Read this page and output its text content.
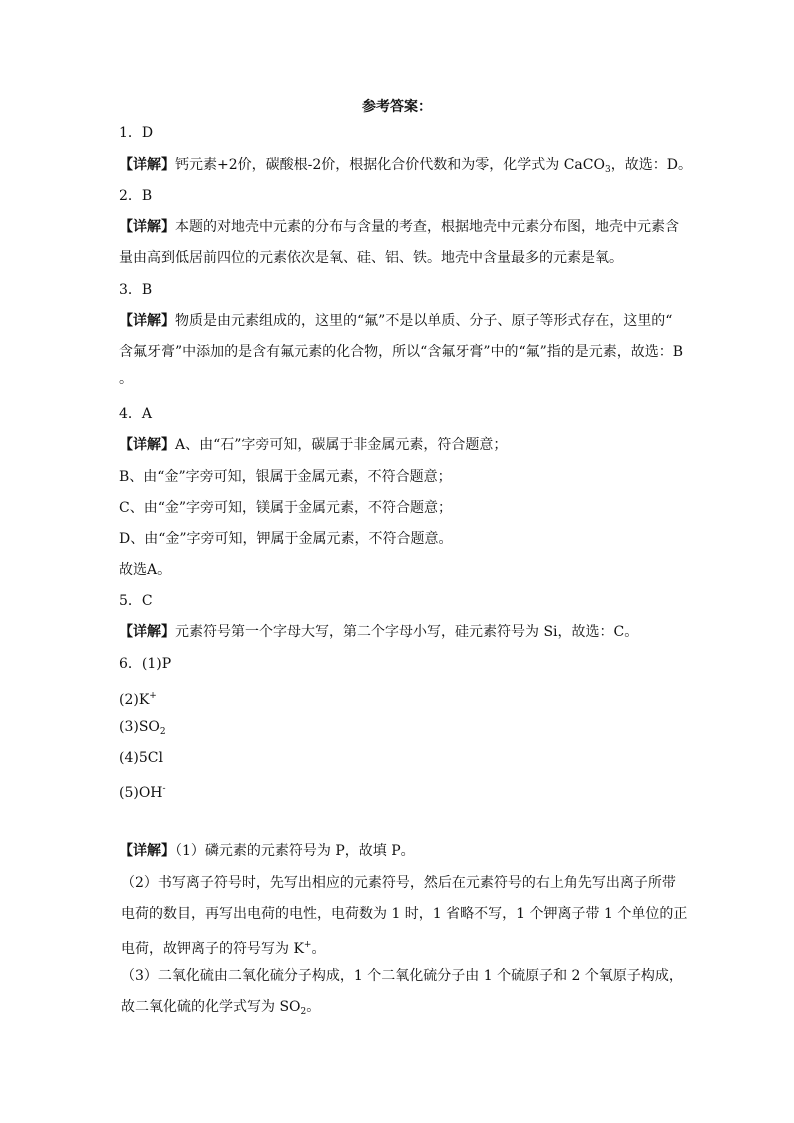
参考答案：
1．D
【详解】钙元素+2价，碳酸根-2价，根据化合价代数和为零，化学式为 CaCO$_3$，故选：D。
2．B
【详解】本题的对地壳中元素的分布与含量的考查，根据地壳中元素分布图，地壳中元素含
量由高到低居前四位的元素依次是氧、硅、铝、铁。地壳中含量最多的元素是氧。
3．B
【详解】物质是由元素组成的，这里的“氟”不是以单质、分子、原子等形式存在，这里的“
含氟牙膏”中添加的是含有氟元素的化合物，所以“含氟牙膏”中的“氟”指的是元素，故选：B
。
4．A
【详解】A、由“石”字旁可知，碳属于非金属元素，符合题意；
B、由“金”字旁可知，银属于金属元素，不符合题意；
C、由“金”字旁可知，镁属于金属元素，不符合题意；
D、由“金”字旁可知，钾属于金属元素，不符合题意。
故选A。
5．C
【详解】元素符号第一个字母大写，第二个字母小写，硅元素符号为 Si，故选：C。
6．(1)P
(2)K+
$(3)SO_2$
(4)5Cl
(5)OH-
【详解】（1）磷元素的元素符号为 P，故填 P。
（2）书写离子符号时，先写出相应的元素符号，然后在元素符号的右上角先写出离子所带
电荷的数目，再写出电荷的电性，电荷数为 1 时，1 省略不写，1 个钾离子带 1 个单位的正
电荷，故钾离子的符号写为 K+。
（3）二氧化硫由二氧化硫分子构成，1 个二氧化硫分子由 1 个硫原子和 2 个氧原子构成，
故二氧化硫的化学式写为 $SO_2$。
